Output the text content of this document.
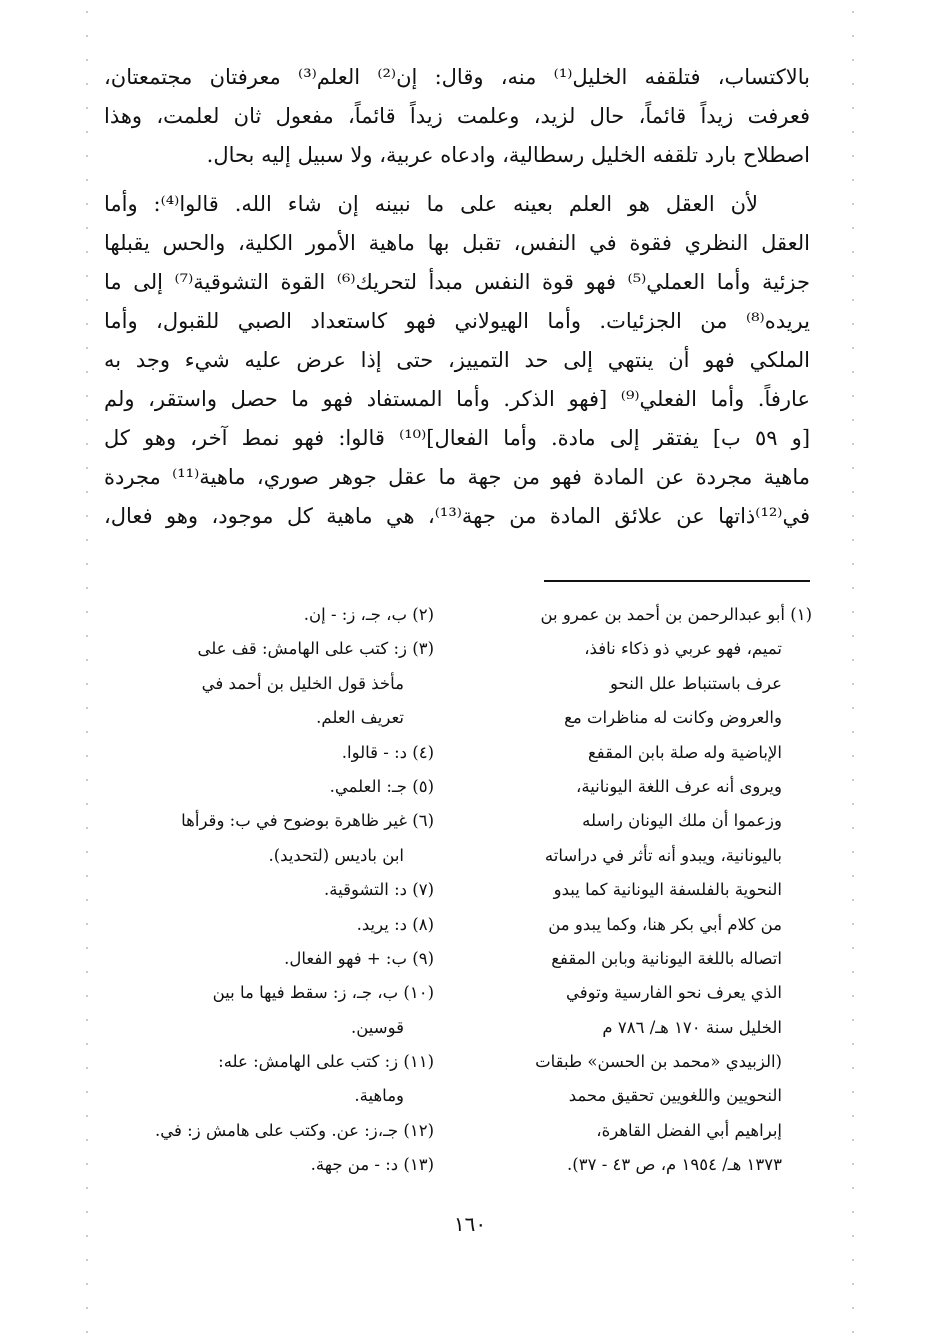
بالاكتساب، فتلقفه الخليل⁽¹⁾ منه، وقال: إن⁽²⁾ العلم⁽³⁾ معرفتان مجتمعتان،
فعرفت زيداً قائماً، حال لزيد، وعلمت زيداً قائماً، مفعول ثان لعلمت، وهذا
اصطلاح بارد تلقفه الخليل رسطالية، وادعاه عربية، ولا سبيل إليه بحال.
لأن العقل هو العلم بعينه على ما نبينه إن شاء الله. قالوا⁽⁴⁾: وأما
العقل النظري فقوة في النفس، تقبل بها ماهية الأمور الكلية، والحس يقبلها
جزئية وأما العملي⁽⁵⁾ فهو قوة النفس مبدأ لتحريك⁽⁶⁾ القوة التشوقية⁽⁷⁾ إلى ما
يريده⁽⁸⁾ من الجزئيات. وأما الهيولاني فهو كاستعداد الصبي للقبول، وأما
الملكي فهو أن ينتهي إلى حد التمييز، حتى إذا عرض عليه شيء وجد به
عارفاً. وأما الفعلي⁽⁹⁾ [فهو الذكر. وأما المستفاد فهو ما حصل واستقر، ولم
[و ٥٩ ب] يفتقر إلى مادة. وأما الفعال]⁽¹⁰⁾ قالوا: فهو نمط آخر، وهو كل
ماهية مجردة عن المادة فهو من جهة ما عقل جوهر صوري، ماهية⁽¹¹⁾ مجردة
في⁽¹²⁾ذاتها عن علائق المادة من جهة⁽¹³⁾، هي ماهية كل موجود، وهو فعال،
(١) أبو عبدالرحمن بن أحمد بن عمرو بن
تميم، فهو عربي ذو ذكاء نافذ،
عرف باستنباط علل النحو
والعروض وكانت له مناظرات مع
الإباضية وله صلة بابن المقفع
ويروى أنه عرف اللغة اليونانية،
وزعموا أن ملك اليونان راسله
باليونانية، ويبدو أنه تأثر في دراساته
النحوية بالفلسفة اليونانية كما يبدو
من كلام أبي بكر هنا، وكما يبدو من
اتصاله باللغة اليونانية وبابن المقفع
الذي يعرف نحو الفارسية وتوفي
الخليل سنة ١٧٠ هـ/ ٧٨٦ م
(الزبيدي «محمد بن الحسن» طبقات
النحويين واللغويين تحقيق محمد
إبراهيم أبي الفضل القاهرة،
١٣٧٣ هـ/ ١٩٥٤ م، ص ٤٣ - ٣٧).
(٢) ب، جـ، ز: - إن.
(٣) ز: كتب على الهامش: قف على
مأخذ قول الخليل بن أحمد في
تعريف العلم.
(٤) د: - قالوا.
(٥) جـ: العلمي.
(٦) غير ظاهرة بوضوح في ب: وقرأها
ابن باديس (لتحديد).
(٧) د: التشوقية.
(٨) د: يريد.
(٩) ب: + فهو الفعال.
(١٠) ب، جـ، ز: سقط فيها ما بين
قوسين.
(١١) ز: كتب على الهامش: عله:
وماهية.
(١٢) جـ،ز: عن. وكتب على هامش ز: في.
(١٣) د: - من جهة.
١٦٠
